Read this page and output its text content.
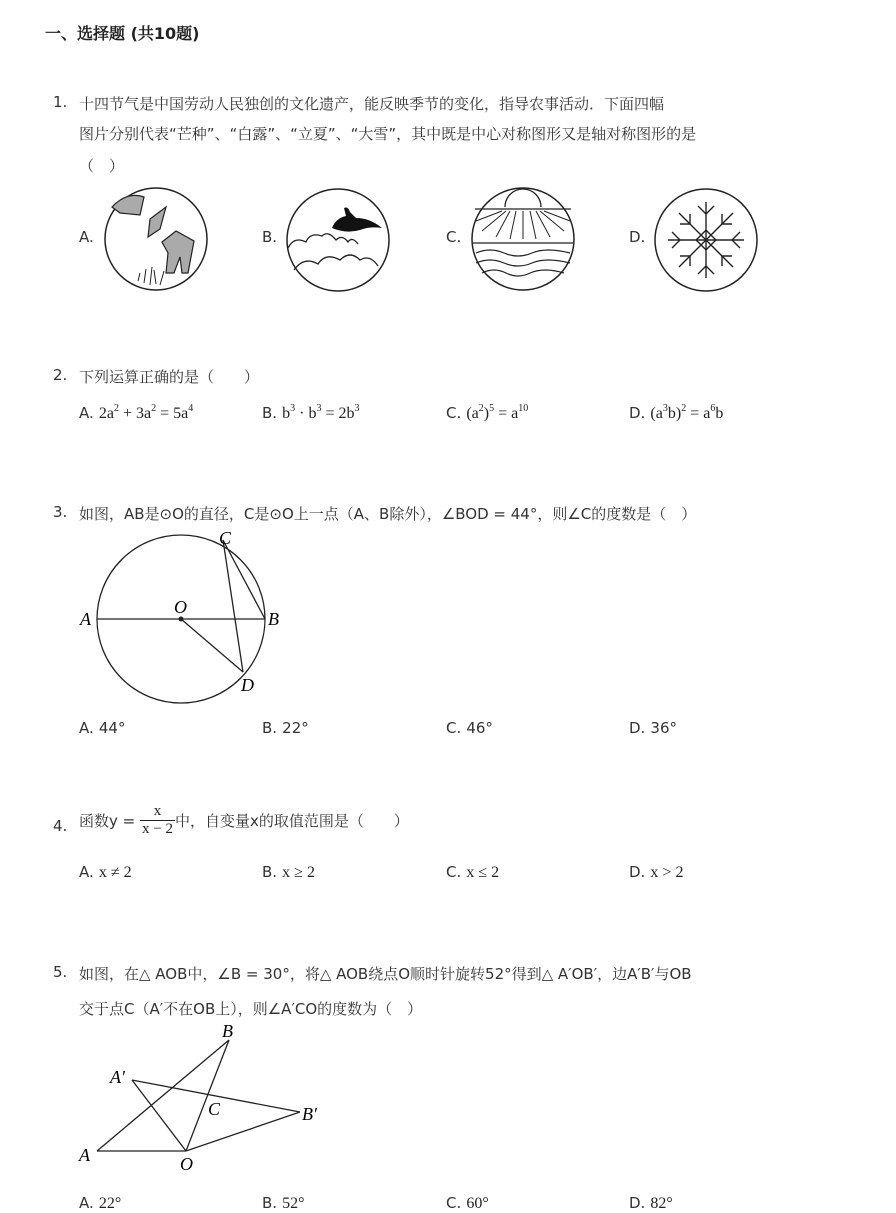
一、选择题 (共10题)
1. 十四节气是中国劳动人民独创的文化遗产，能反映季节的变化，指导农事活动．下面四幅
图片分别代表“芒种”、“白露”、“立夏”、“大雪”，其中既是中心对称图形又是轴对称图形的是
（　）
A.	B.	C.	D.
2. 下列运算正确的是（　　）
A. $2a^2 + 3a^2 = 5a^4$	B. $b^3 \cdot b^3 = 2b^3$	C. $(a^2)^5 = a^{10}$	D. $(a^3b)^2 = a^6b$
3. 如图，AB是⊙O的直径，C是⊙O上一点（A、B除外），∠BOD = 44°，则∠C的度数是（　）
A
O
B
C
D
A. 44°	B. 22°	C. 46°	D. 36°
4. 函数$y = \frac{x}{x - 2}$ 中，自变量x的取值范围是（　　）
A. x ≠ 2	B. x ≥ 2	C. x ≤ 2	D. x > 2
5. 如图，在△ AOB中，∠B = 30°，将△ AOB绕点O顺时针旋转52°得到△ A′OB′，边A′B′与OB
交于点C（A′不在OB上），则∠A′CO的度数为（　）
A
A′
B
B′
C
O
A. 22°	B. 52°	C. 60°	D. 82°
